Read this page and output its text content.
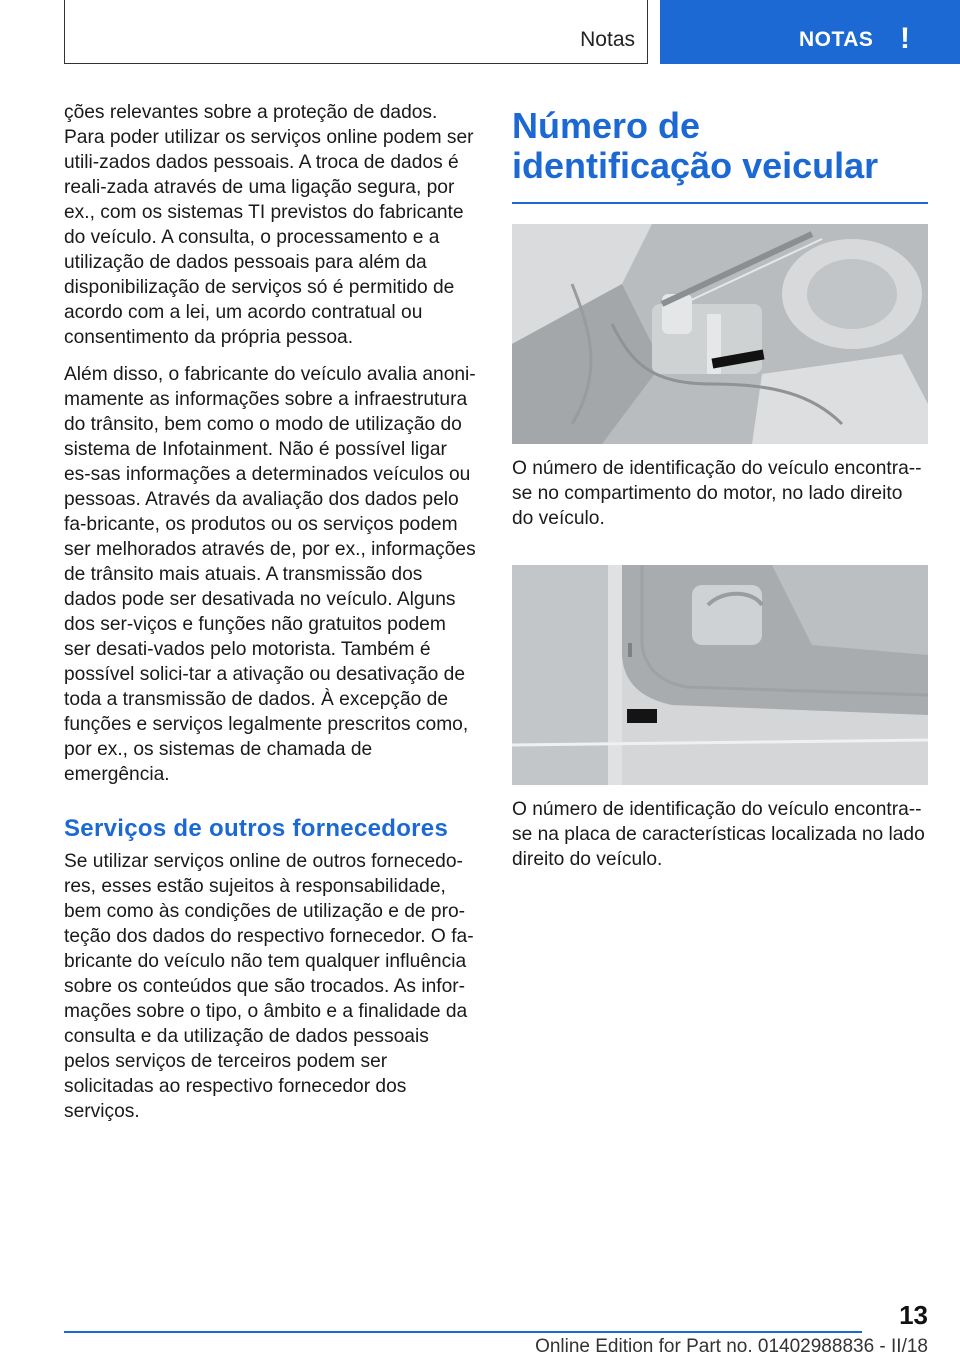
Notas	NOTAS !

ções relevantes sobre a proteção de dados. Para poder utilizar os serviços online podem ser utili-zados dados pessoais. A troca de dados é reali-zada através de uma ligação segura, por ex., com os sistemas TI previstos do fabricante do veículo. A consulta, o processamento e a utilização de dados pessoais para além da disponibilização de serviços só é permitido de acordo com a lei, um acordo contratual ou consentimento da própria pessoa.

Além disso, o fabricante do veículo avalia anoni-mamente as informações sobre a infraestrutura do trânsito, bem como o modo de utilização do sistema de Infotainment. Não é possível ligar es-sas informações a determinados veículos ou pessoas. Através da avaliação dos dados pelo fa-bricante, os produtos ou os serviços podem ser melhorados através de, por ex., informações de trânsito mais atuais. A transmissão dos dados pode ser desativada no veículo. Alguns dos ser-viços e funções não gratuitos podem ser desati-vados pelo motorista. Também é possível solici-tar a ativação ou desativação de toda a transmissão de dados. À excepção de funções e serviços legalmente prescritos como, por ex., os sistemas de chamada de emergência.

Serviços de outros fornecedores

Se utilizar serviços online de outros fornecedo-res, esses estão sujeitos à responsabilidade, bem como às condições de utilização e de pro-teção dos dados do respectivo fornecedor. O fa-bricante do veículo não tem qualquer influência sobre os conteúdos que são trocados. As infor-mações sobre o tipo, o âmbito e a finalidade da consulta e da utilização de dados pessoais pelos serviços de terceiros podem ser solicitadas ao respectivo fornecedor dos serviços.

Número de identificação veicular

O número de identificação do veículo encontra--se no compartimento do motor, no lado direito do veículo.

O número de identificação do veículo encontra--se na placa de características localizada no lado direito do veículo.

13
Online Edition for Part no. 01402988836 - II/18
